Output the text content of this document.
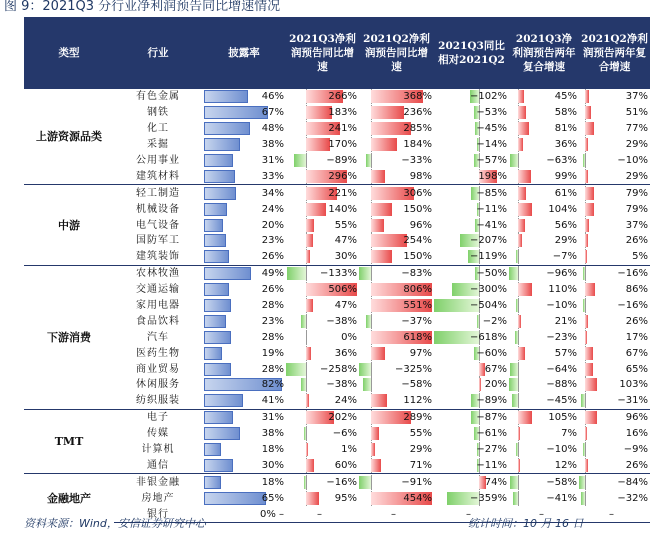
图 9：2021Q3 分行业净利润预告同比增速情况
类型	行业	披露率	2021Q3净利润预告同比增速	2021Q2净利润预告同比增速	2021Q3同比相对2021Q2	2021Q3净利润预告两年复合增速	2021Q2净利润预告两年复合增速
上游资源品类	有色金属	46%	266%	368%	−102%	45%	37%

	钢铁	67%	183%	236%	−53%	58%	51%

	化工	48%	241%	285%	−45%	81%	77%

	采掘	38%	170%	184%	−14%	36%	29%

	公用事业	31%	−89%	−33%	−57%	−63%	−10%

	建筑材料	33%	296%	98%	198%	99%	29%

中游	轻工制造	34%	221%	306%	−85%	61%	79%

	机械设备	24%	140%	150%	−11%	104%	79%

	电气设备	20%	55%	96%	−41%	56%	37%

	国防军工	23%	47%	254%	−207%	29%	26%

	建筑装饰	26%	30%	150%	−119%	−7%	5%

下游消费	农林牧渔	49%	−133%	−83%	−50%	−96%	−16%

	交通运输	26%	506%	806%	−300%	110%	86%

	家用电器	28%	47%	551%	−504%	−10%	−16%

	食品饮料	23%	−38%	−37%	−2%	21%	26%

	汽车	28%	0%	618%	−618%	−23%	17%

	医药生物	19%	36%	97%	−60%	57%	67%

	商业贸易	28%	−258%	−325%	67%	−64%	65%

	休闲服务	82%	−38%	−58%	20%	−88%	103%

	纺织服装	41%	24%	112%	−89%	−45%	−31%

TMT	电子	31%	202%	289%	−87%	105%	96%

	传媒	38%	−6%	55%	−61%	7%	16%

	计算机	18%	1%	29%	−27%	−10%	−9%

	通信	30%	60%	71%	−11%	12%	26%

金融地产	非银金融	18%	−16%	−91%	74%	−58%	−84%

	房地产	65%	95%	454%	−359%	−41%	−32%

	银行	0% –	–	–	–	–	–
资料来源：Wind，安信证券研究中心	统计时间：10 月 16 日
